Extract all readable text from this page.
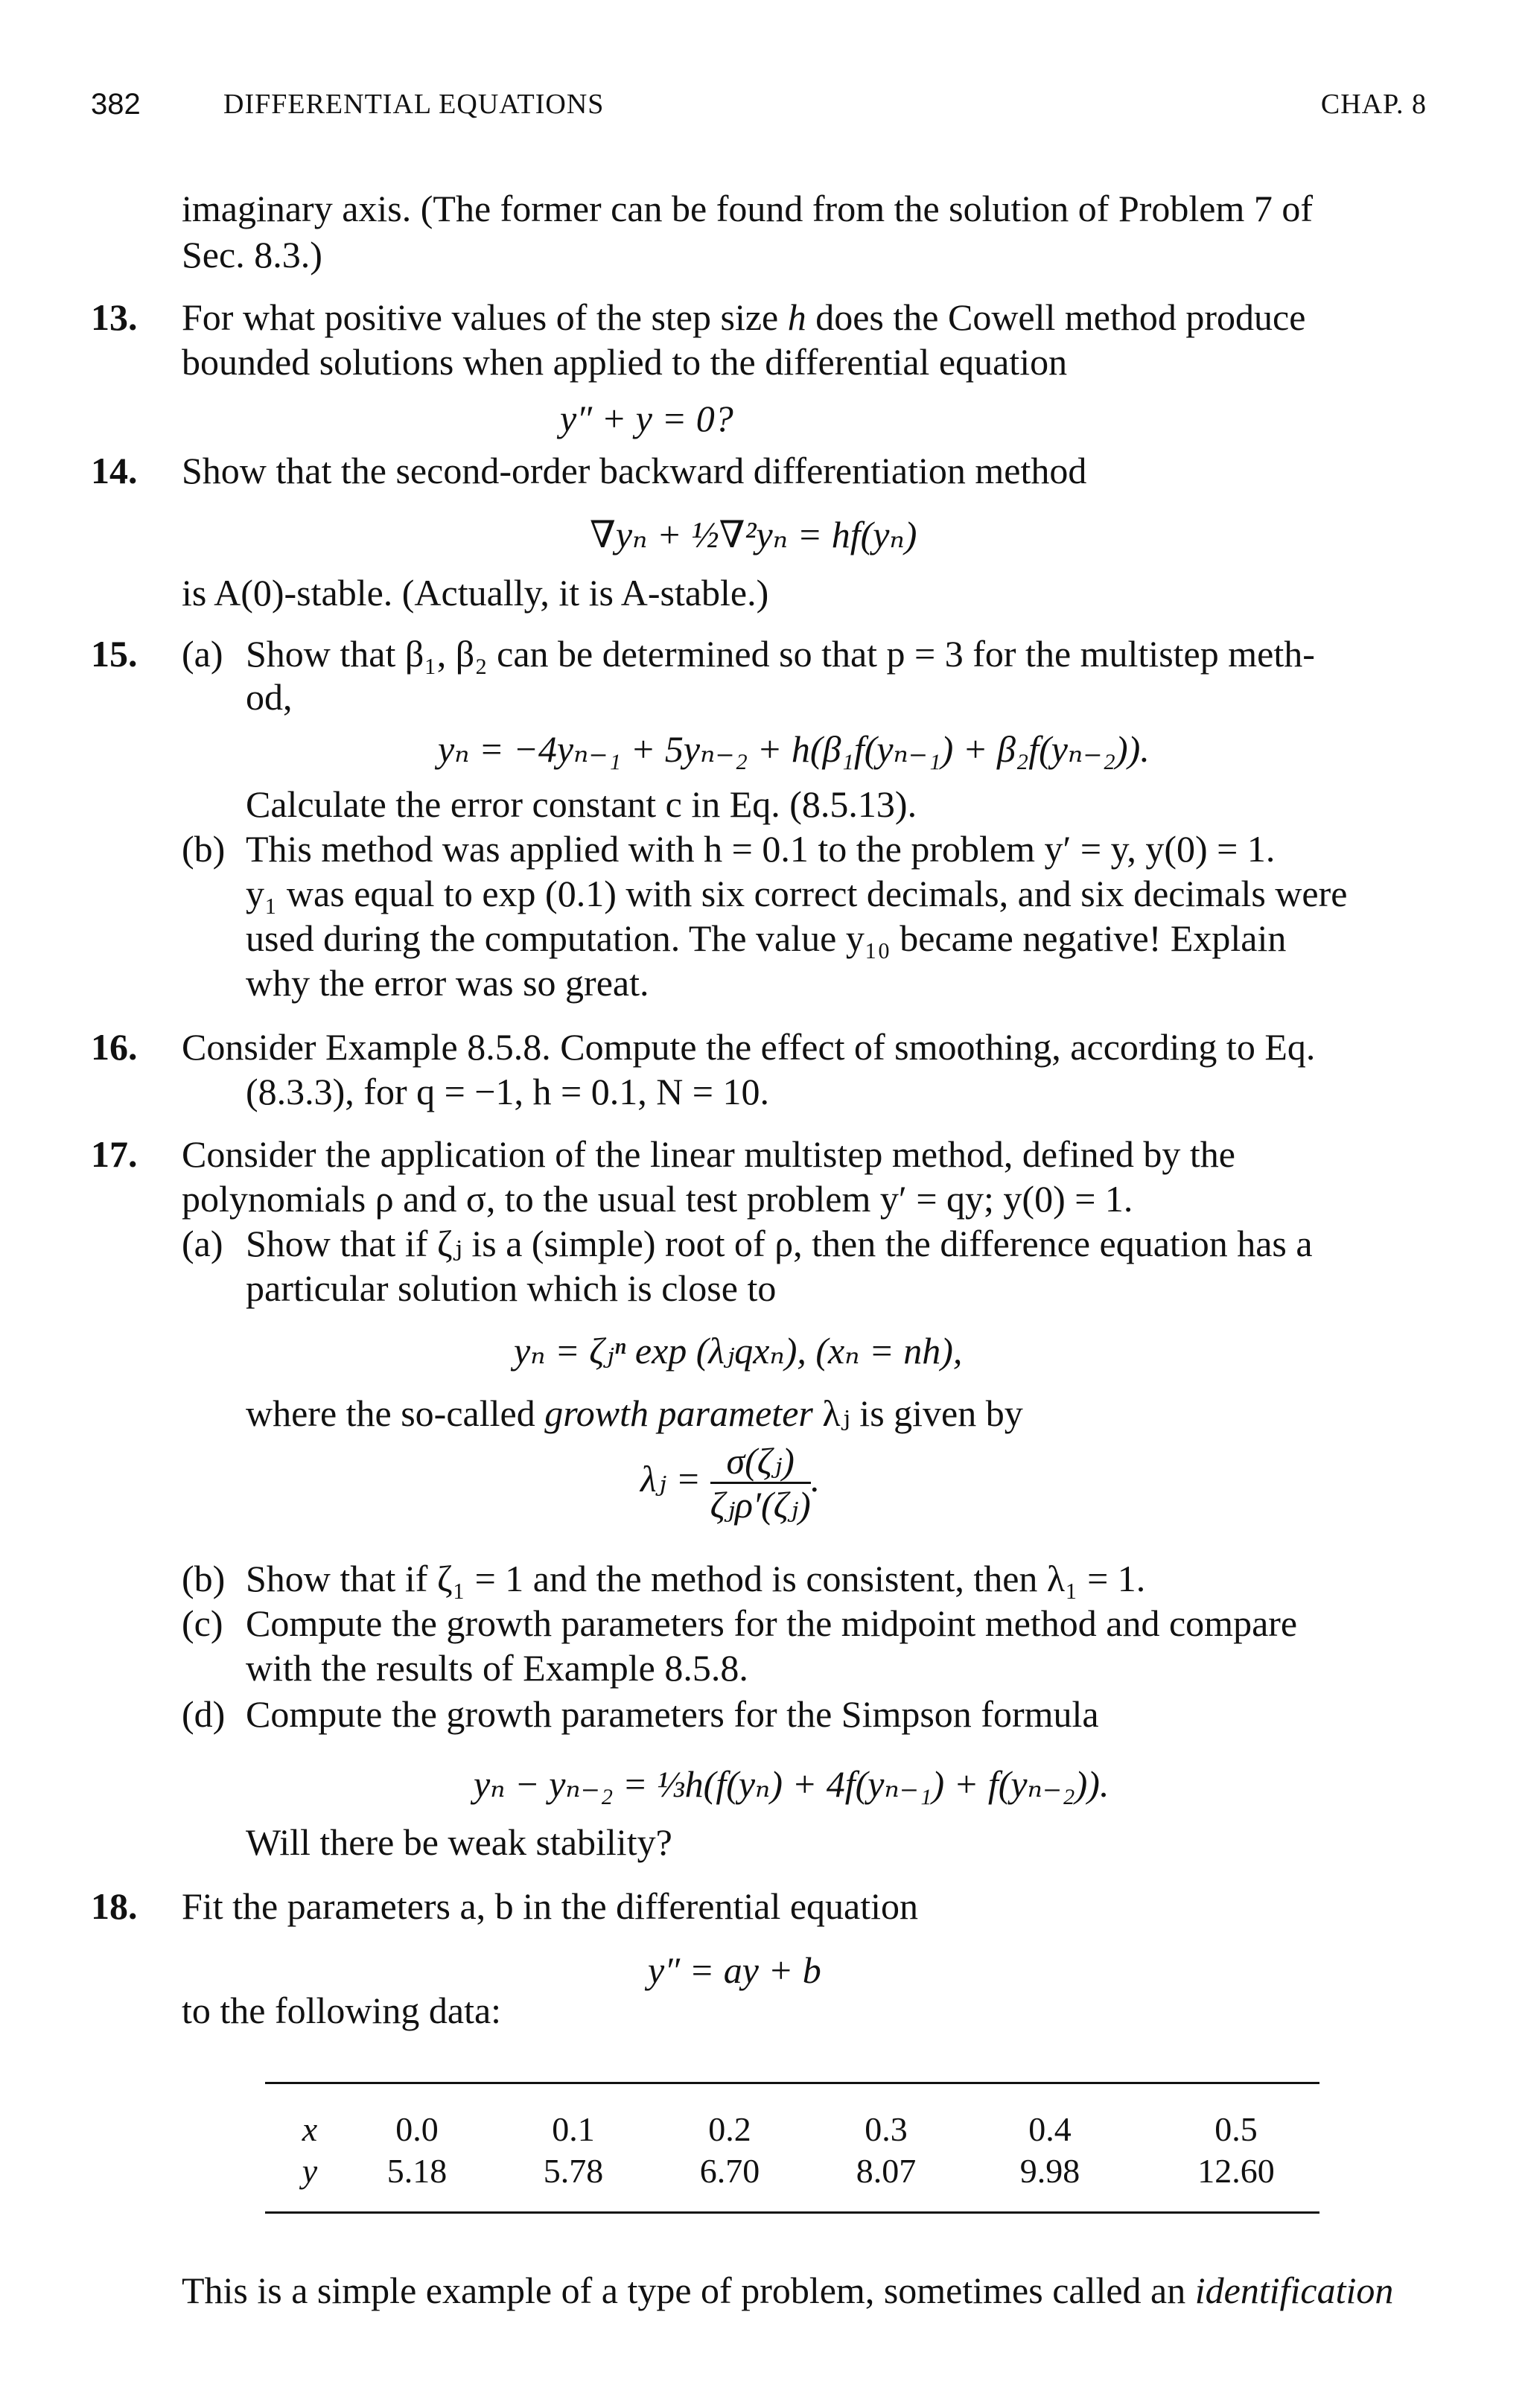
382	DIFFERENTIAL EQUATIONS	CHAP. 8
imaginary axis. (The former can be found from the solution of Problem 7 of
Sec. 8.3.)
13. For what positive values of the step size h does the Cowell method produce
bounded solutions when applied to the differential equation
y″ + y = 0?
14. Show that the second-order backward differentiation method
∇yₙ + ½∇²yₙ = hf(yₙ)
is A(0)-stable. (Actually, it is A-stable.)
15. (a) Show that β₁, β₂ can be determined so that p = 3 for the multistep meth-
od,
yₙ = −4yₙ₋₁ + 5yₙ₋₂ + h(β₁f(yₙ₋₁) + β₂f(yₙ₋₂)).
Calculate the error constant c in Eq. (8.5.13).
(b) This method was applied with h = 0.1 to the problem y′ = y, y(0) = 1.
y₁ was equal to exp (0.1) with six correct decimals, and six decimals were
used during the computation. The value y₁₀ became negative! Explain
why the error was so great.
16. Consider Example 8.5.8. Compute the effect of smoothing, according to Eq.
(8.3.3), for q = −1, h = 0.1, N = 10.
17. Consider the application of the linear multistep method, defined by the
polynomials ρ and σ, to the usual test problem y′ = qy; y(0) = 1.
(a) Show that if ζⱼ is a (simple) root of ρ, then the difference equation has a
particular solution which is close to
yₙ = ζⱼⁿ exp (λⱼqxₙ), (xₙ = nh),
where the so-called growth parameter λⱼ is given by
λⱼ = $\frac{\text{σ(ζⱼ)}}{\text{ζⱼρ′(ζⱼ)}}$ .
(b) Show that if ζ₁ = 1 and the method is consistent, then λ₁ = 1.
(c) Compute the growth parameters for the midpoint method and compare
with the results of Example 8.5.8.
(d) Compute the growth parameters for the Simpson formula
yₙ − yₙ₋₂ = ⅓h(f(yₙ) + 4f(yₙ₋₁) + f(yₙ₋₂)).
Will there be weak stability?
18. Fit the parameters a, b in the differential equation
y″ = ay + b
to the following data:
x	0.0	0.1	0.2	0.3	0.4	0.5
y	5.18	5.78	6.70	8.07	9.98	12.60
This is a simple example of a type of problem, sometimes called an identification
